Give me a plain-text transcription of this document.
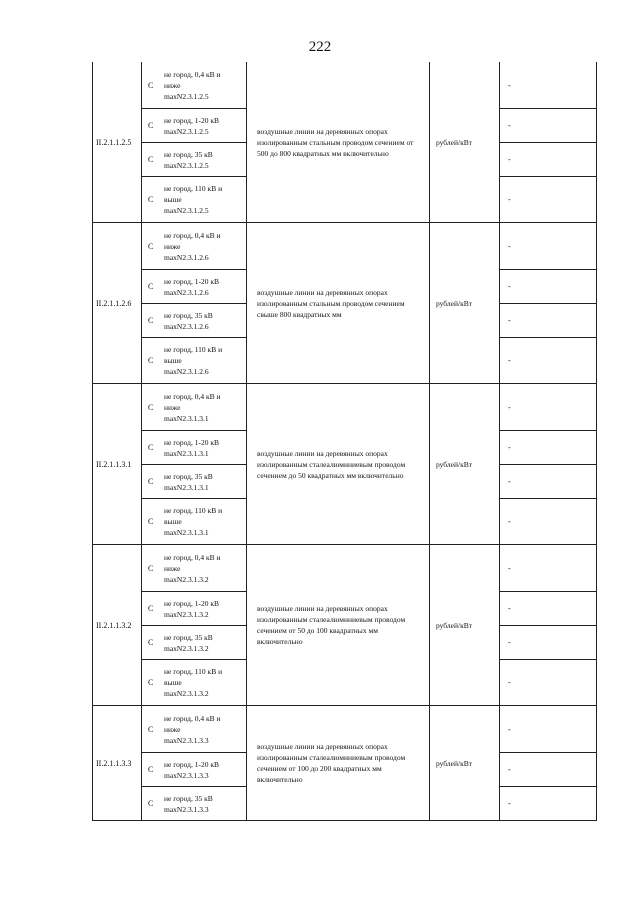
222
II.2.1.1.2.5
С
не город, 0,4 кВ и
ниже
maxN2.3.1.2.5
С
не город, 1-20 кВ
maxN2.3.1.2.5
С
не город, 35 кВ
maxN2.3.1.2.5
С
не город, 110 кВ и
выше
maxN2.3.1.2.5
воздушные линии на деревянных опорах изолированным стальным проводом сечением от 500 до 800 квадратных мм включительно
рублей/кВт
-
-
-
-
II.2.1.1.2.6
С
не город, 0,4 кВ и
ниже
maxN2.3.1.2.6
С
не город, 1-20 кВ
maxN2.3.1.2.6
С
не город, 35 кВ
maxN2.3.1.2.6
С
не город, 110 кВ и
выше
maxN2.3.1.2.6
воздушные линии на деревянных опорах изолированным стальным проводом сечением свыше 800 квадратных мм
рублей/кВт
-
-
-
-
II.2.1.1.3.1
С
не город, 0,4 кВ и
ниже
maxN2.3.1.3.1
С
не город, 1-20 кВ
maxN2.3.1.3.1
С
не город, 35 кВ
maxN2.3.1.3.1
С
не город, 110 кВ и
выше
maxN2.3.1.3.1
воздушные линии на деревянных опорах изолированным сталеалюминиевым проводом сечением до 50 квадратных мм включительно
рублей/кВт
-
-
-
-
II.2.1.1.3.2
С
не город, 0,4 кВ и
ниже
maxN2.3.1.3.2
С
не город, 1-20 кВ
maxN2.3.1.3.2
С
не город, 35 кВ
maxN2.3.1.3.2
С
не город, 110 кВ и
выше
maxN2.3.1.3.2
воздушные линии на деревянных опорах изолированным сталеалюминиевым проводом сечением от 50 до 100 квадратных мм включительно
рублей/кВт
-
-
-
-
II.2.1.1.3.3
С
не город, 0,4 кВ и
ниже
maxN2.3.1.3.3
С
не город, 1-20 кВ
maxN2.3.1.3.3
С
не город, 35 кВ
maxN2.3.1.3.3
воздушные линии на деревянных опорах изолированным сталеалюминиевым проводом сечением от 100 до 200 квадратных мм включительно
рублей/кВт
-
-
-
